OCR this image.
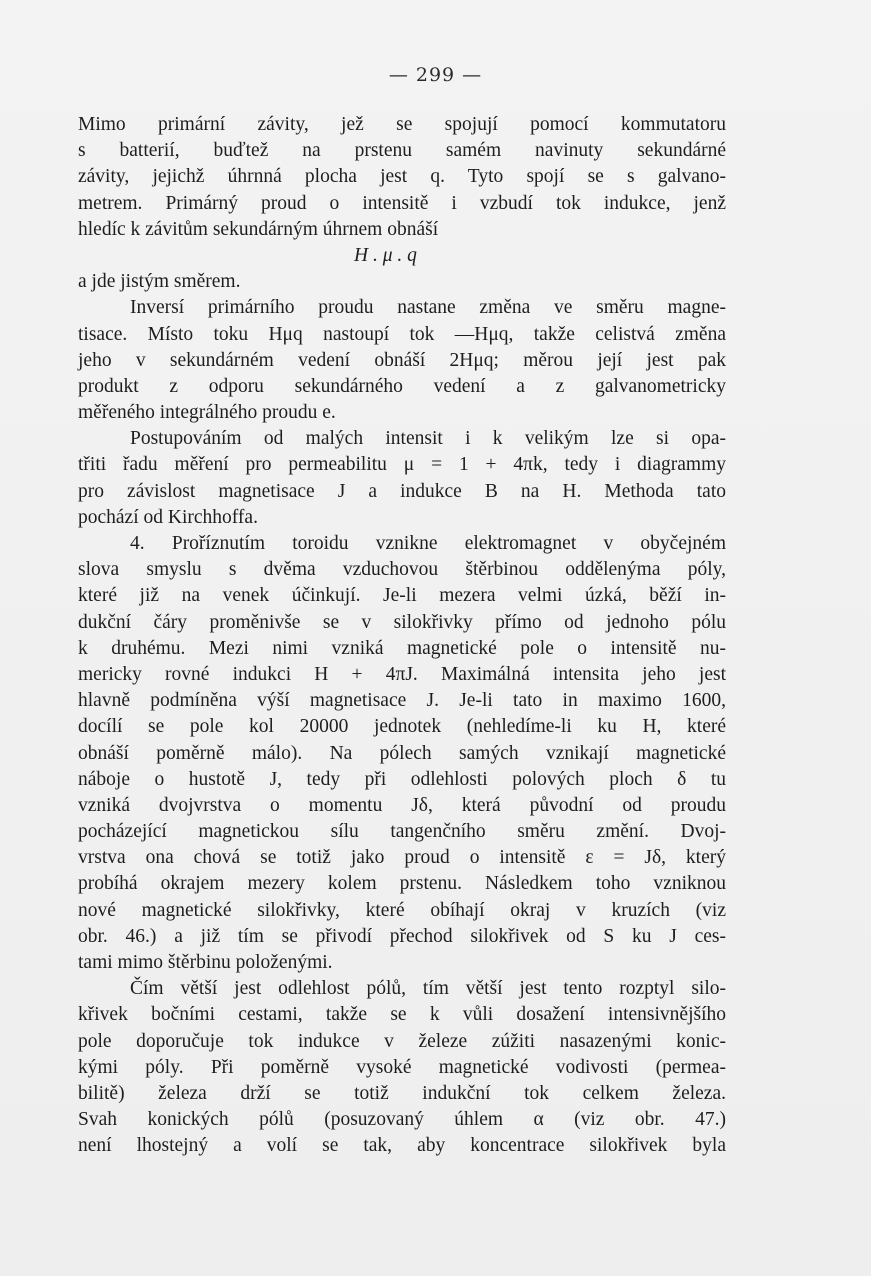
— 299 —
Mimo primární závity, jež se spojují pomocí kommutatoru
s batterií, buďtež na prstenu samém navinuty sekundárné
závity, jejichž úhrnná plocha jest q. Tyto spojí se s galvano-
metrem. Primárný proud o intensitě i vzbudí tok indukce, jenž
hledíc k závitům sekundárným úhrnem obnáší
H . μ . q
a jde jistým směrem.
Inversí primárního proudu nastane změna ve směru magne-
tisace. Místo toku Hμq nastoupí tok —Hμq, takže celistvá změna
jeho v sekundárném vedení obnáší 2Hμq; měrou její jest pak
produkt z odporu sekundárného vedení a z galvanometricky
měřeného integrálného proudu e.
Postupováním od malých intensit i k velikým lze si opa-
třiti řadu měření pro permeabilitu μ = 1 + 4πk, tedy i diagrammy
pro závislost magnetisace J a indukce B na H. Methoda tato
pochází od Kirchhoffa.
4. Proříznutím toroidu vznikne elektromagnet v obyčejném
slova smyslu s dvěma vzduchovou štěrbinou oddělenýma póly,
které již na venek účinkují. Je-li mezera velmi úzká, běží in-
dukční čáry proměnivše se v silokřivky přímo od jednoho pólu
k druhému. Mezi nimi vzniká magnetické pole o intensitě nu-
mericky rovné indukci H + 4πJ. Maximálná intensita jeho jest
hlavně podmíněna výší magnetisace J. Je-li tato in maximo 1600,
docílí se pole kol 20000 jednotek (nehledíme-li ku H, které
obnáší poměrně málo). Na pólech samých vznikají magnetické
náboje o hustotě J, tedy při odlehlosti polových ploch δ tu
vzniká dvojvrstva o momentu Jδ, která původní od proudu
pocházející magnetickou sílu tangenčního směru změní. Dvoj-
vrstva ona chová se totiž jako proud o intensitě ε = Jδ, který
probíhá okrajem mezery kolem prstenu. Následkem toho vzniknou
nové magnetické silokřivky, které obíhají okraj v kruzích (viz
obr. 46.) a již tím se přivodí přechod silokřivek od S ku J ces-
tami mimo štěrbinu položenými.
Čím větší jest odlehlost pólů, tím větší jest tento rozptyl silo-
křivek bočními cestami, takže se k vůli dosažení intensivnějšího
pole doporučuje tok indukce v železe zúžiti nasazenými konic-
kými póly. Při poměrně vysoké magnetické vodivosti (permea-
bilitě) železa drží se totiž indukční tok celkem železa.
Svah konických pólů (posuzovaný úhlem α (viz obr. 47.)
není lhostejný a volí se tak, aby koncentrace silokřivek byla
